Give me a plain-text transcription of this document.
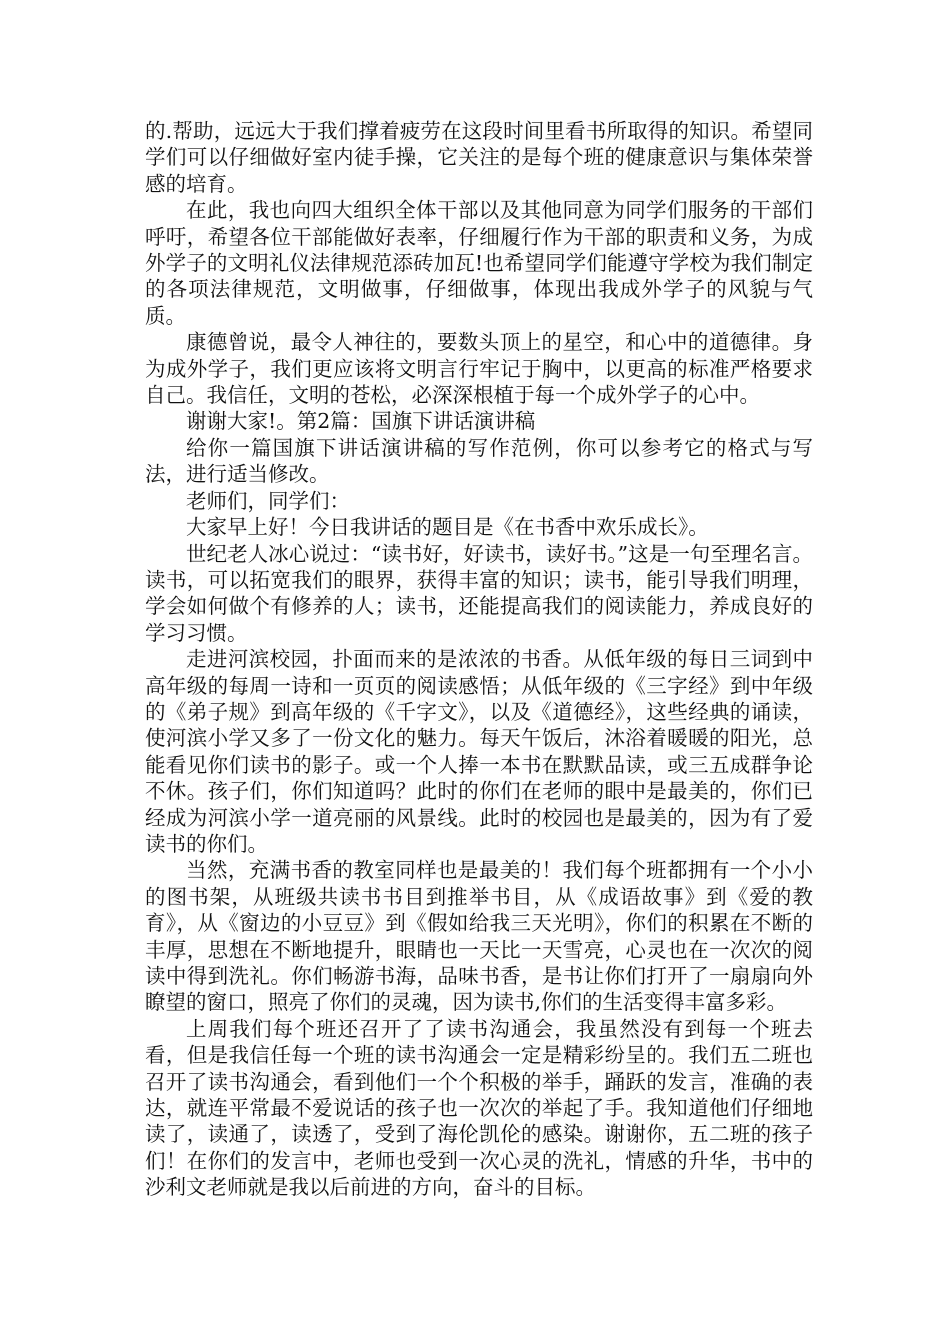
的.帮助，远远大于我们撑着疲劳在这段时间里看书所取得的知识。希望同学们可以仔细做好室内徒手操，它关注的是每个班的健康意识与集体荣誉感的培育。

在此，我也向四大组织全体干部以及其他同意为同学们服务的干部们呼吁，希望各位干部能做好表率，仔细履行作为干部的职责和义务，为成外学子的文明礼仪法律规范添砖加瓦!也希望同学们能遵守学校为我们制定的各项法律规范，文明做事，仔细做事，体现出我成外学子的风貌与气质。

康德曾说，最令人神往的，要数头顶上的星空，和心中的道德律。身为成外学子，我们更应该将文明言行牢记于胸中，以更高的标准严格要求自己。我信任，文明的苍松，必深深根植于每一个成外学子的心中。

谢谢大家!。第2篇：国旗下讲话演讲稿

给你一篇国旗下讲话演讲稿的写作范例，你可以参考它的格式与写法，进行适当修改。

老师们，同学们：

大家早上好！今日我讲话的题目是《在书香中欢乐成长》。

世纪老人冰心说过：“读书好，好读书，读好书。”这是一句至理名言。读书，可以拓宽我们的眼界，获得丰富的知识；读书，能引导我们明理，学会如何做个有修养的人；读书，还能提高我们的阅读能力，养成良好的学习习惯。

走进河滨校园，扑面而来的是浓浓的书香。从低年级的每日三词到中高年级的每周一诗和一页页的阅读感悟；从低年级的《三字经》到中年级的《弟子规》到高年级的《千字文》，以及《道德经》，这些经典的诵读，使河滨小学又多了一份文化的魅力。每天午饭后，沐浴着暖暖的阳光，总能看见你们读书的影子。或一个人捧一本书在默默品读，或三五成群争论不休。孩子们，你们知道吗？此时的你们在老师的眼中是最美的，你们已经成为河滨小学一道亮丽的风景线。此时的校园也是最美的，因为有了爱读书的你们。

当然，充满书香的教室同样也是最美的！我们每个班都拥有一个小小的图书架，从班级共读书书目到推举书目，从《成语故事》到《爱的教育》，从《窗边的小豆豆》到《假如给我三天光明》，你们的积累在不断的丰厚，思想在不断地提升，眼睛也一天比一天雪亮，心灵也在一次次的阅读中得到洗礼。你们畅游书海，品味书香，是书让你们打开了一扇扇向外瞭望的窗口，照亮了你们的灵魂，因为读书,你们的生活变得丰富多彩。

上周我们每个班还召开了了读书沟通会，我虽然没有到每一个班去看，但是我信任每一个班的读书沟通会一定是精彩纷呈的。我们五二班也召开了读书沟通会，看到他们一个个积极的举手，踊跃的发言，准确的表达，就连平常最不爱说话的孩子也一次次的举起了手。我知道他们仔细地读了，读通了，读透了，受到了海伦凯伦的感染。谢谢你，五二班的孩子们！在你们的发言中，老师也受到一次心灵的洗礼，情感的升华，书中的沙利文老师就是我以后前进的方向，奋斗的目标。
